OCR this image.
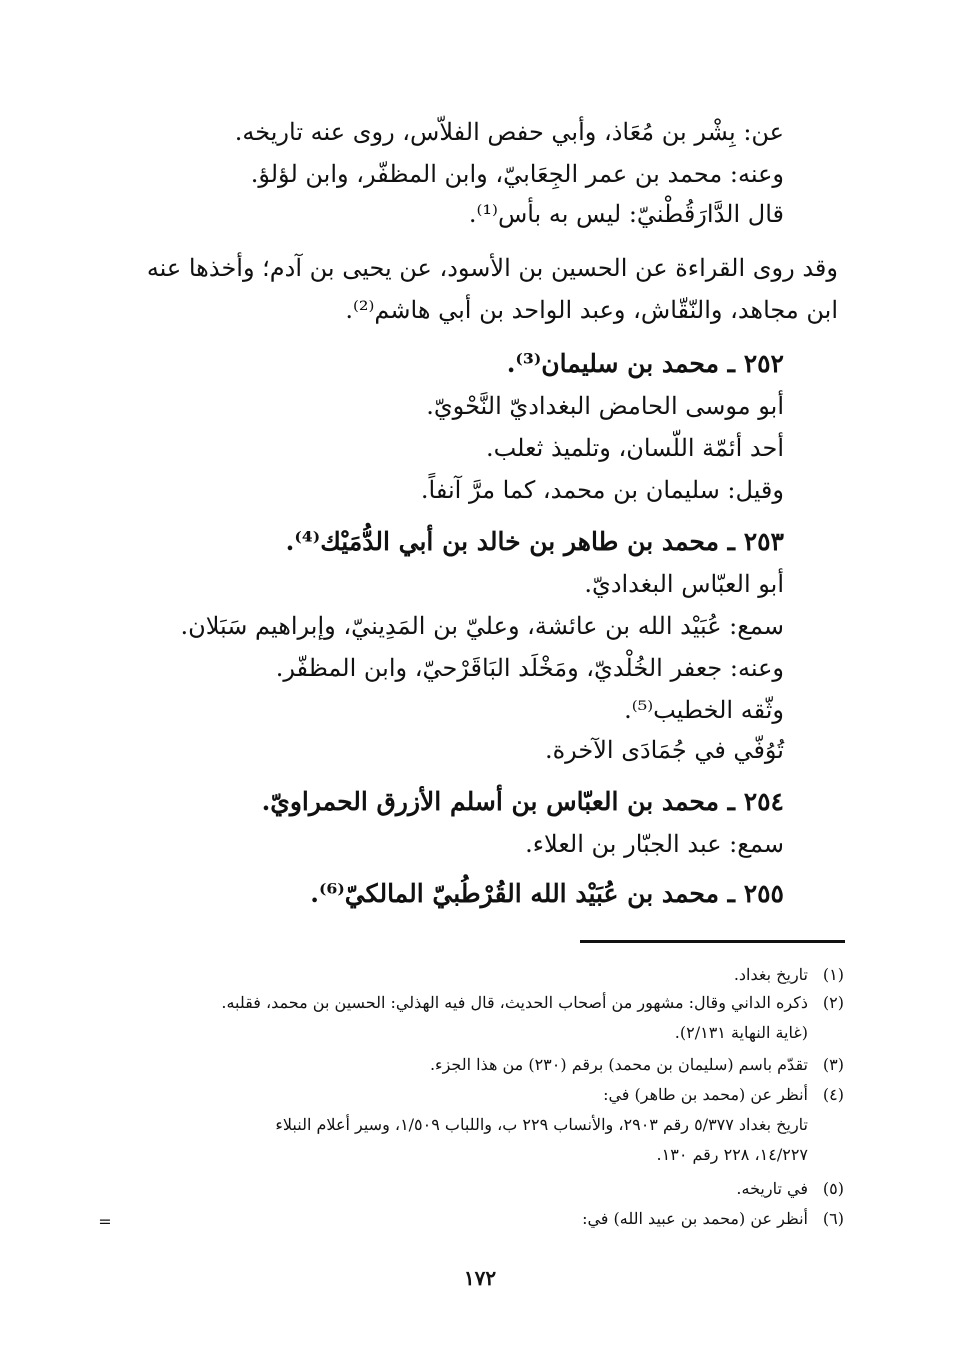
عن: بِشْر بن مُعَاذ، وأبي حفص الفلاّس، روى عنه تاريخه.
وعنه: محمد بن عمر الجِعَابيّ، وابن المظفّر، وابن لؤلؤ.
قال الدَّارَقُطْنيّ: ليس به بأس⁽¹⁾.
وقد روى القراءة عن الحسين بن الأسود، عن يحيى بن آدم؛ وأخذها عنه
ابن مجاهد، والنّقّاش، وعبد الواحد بن أبي هاشم⁽²⁾.
٢٥٢ ـ محمد بن سليمان⁽³⁾.
أبو موسى الحامض البغداديّ النَّحْويّ.
أحد أئمّة اللّسان، وتلميذ ثعلب.
وقيل: سليمان بن محمد، كما مرَّ آنفاً.
٢٥٣ ـ محمد بن طاهر بن خالد بن أبي الدُّمَيْك⁽⁴⁾.
أبو العبّاس البغداديّ.
سمع: عُبَيْد الله بن عائشة، وعليّ بن المَدِينيّ، وإبراهيم سَبَلان.
وعنه: جعفر الخُلْديّ، ومَخْلَد البَاقَرْحيّ، وابن المظفّر.
وثّقه الخطيب⁽⁵⁾.
تُوُفّي في جُمَادَى الآخرة.
٢٥٤ ـ محمد بن العبّاس بن أسلم الأزرق الحمراويّ.
سمع: عبد الجبّار بن العلاء.
٢٥٥ ـ محمد بن عُبَيْد الله القُرْطُبيّ المالكيّ⁽⁶⁾.
(١)تاريخ بغداد.
(٢)ذكره الداني وقال: مشهور من أصحاب الحديث، قال فيه الهذلي: الحسين بن محمد، فقلبه.
(غاية النهاية ٢/١٣١).
(٣)تقدّم باسم (سليمان بن محمد) برقم (٢٣٠) من هذا الجزء.
(٤)أنظر عن (محمد بن طاهر) في:
تاريخ بغداد ٥/٣٧٧ رقم ٢٩٠٣، والأنساب ٢٢٩ ب، واللباب ١/٥٠٩، وسير أعلام النبلاء
١٤/٢٢٧، ٢٢٨ رقم ١٣٠.
(٥)في تاريخه.
(٦)أنظر عن (محمد بن عبيد الله) في:
=
١٧٢
